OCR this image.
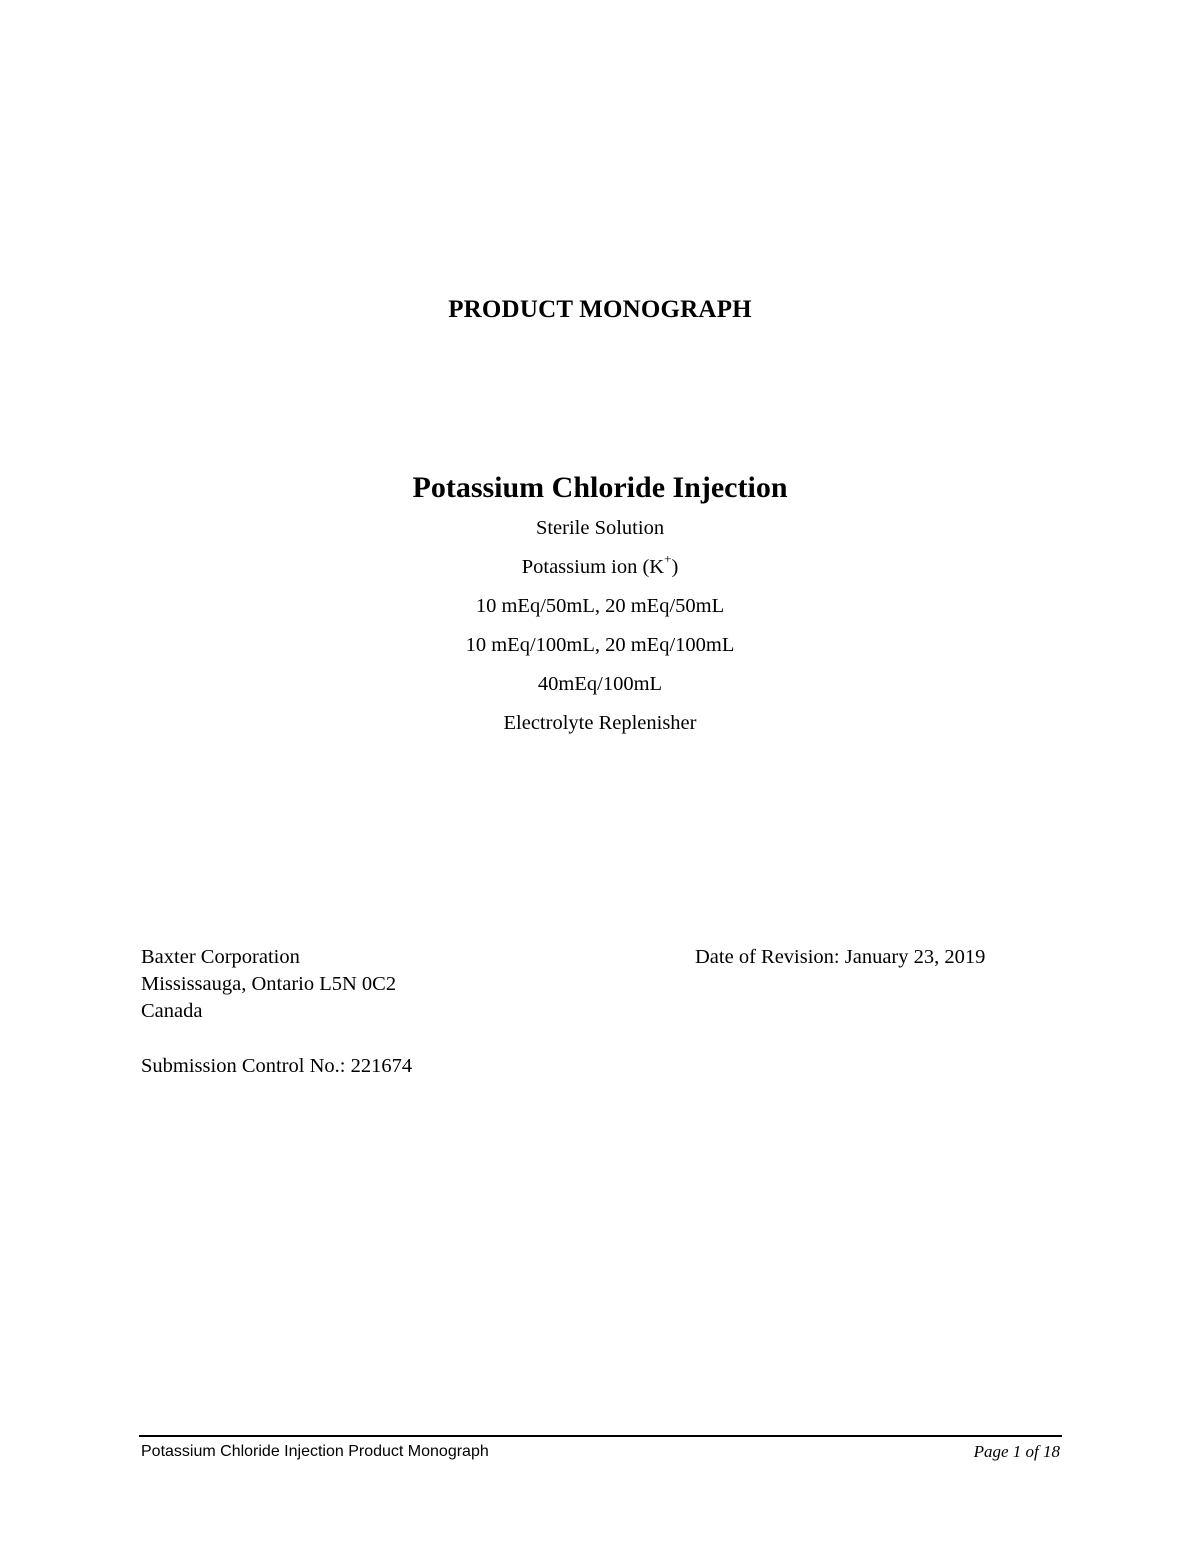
PRODUCT MONOGRAPH
Potassium Chloride Injection
Sterile Solution
Potassium ion (K+)
10 mEq/50mL, 20 mEq/50mL
10 mEq/100mL, 20 mEq/100mL
40mEq/100mL
Electrolyte Replenisher
Baxter Corporation
Mississauga, Ontario L5N 0C2
Canada
Submission Control No.: 221674
Date of Revision: January 23, 2019
Potassium Chloride Injection Product Monograph	Page 1 of 18
